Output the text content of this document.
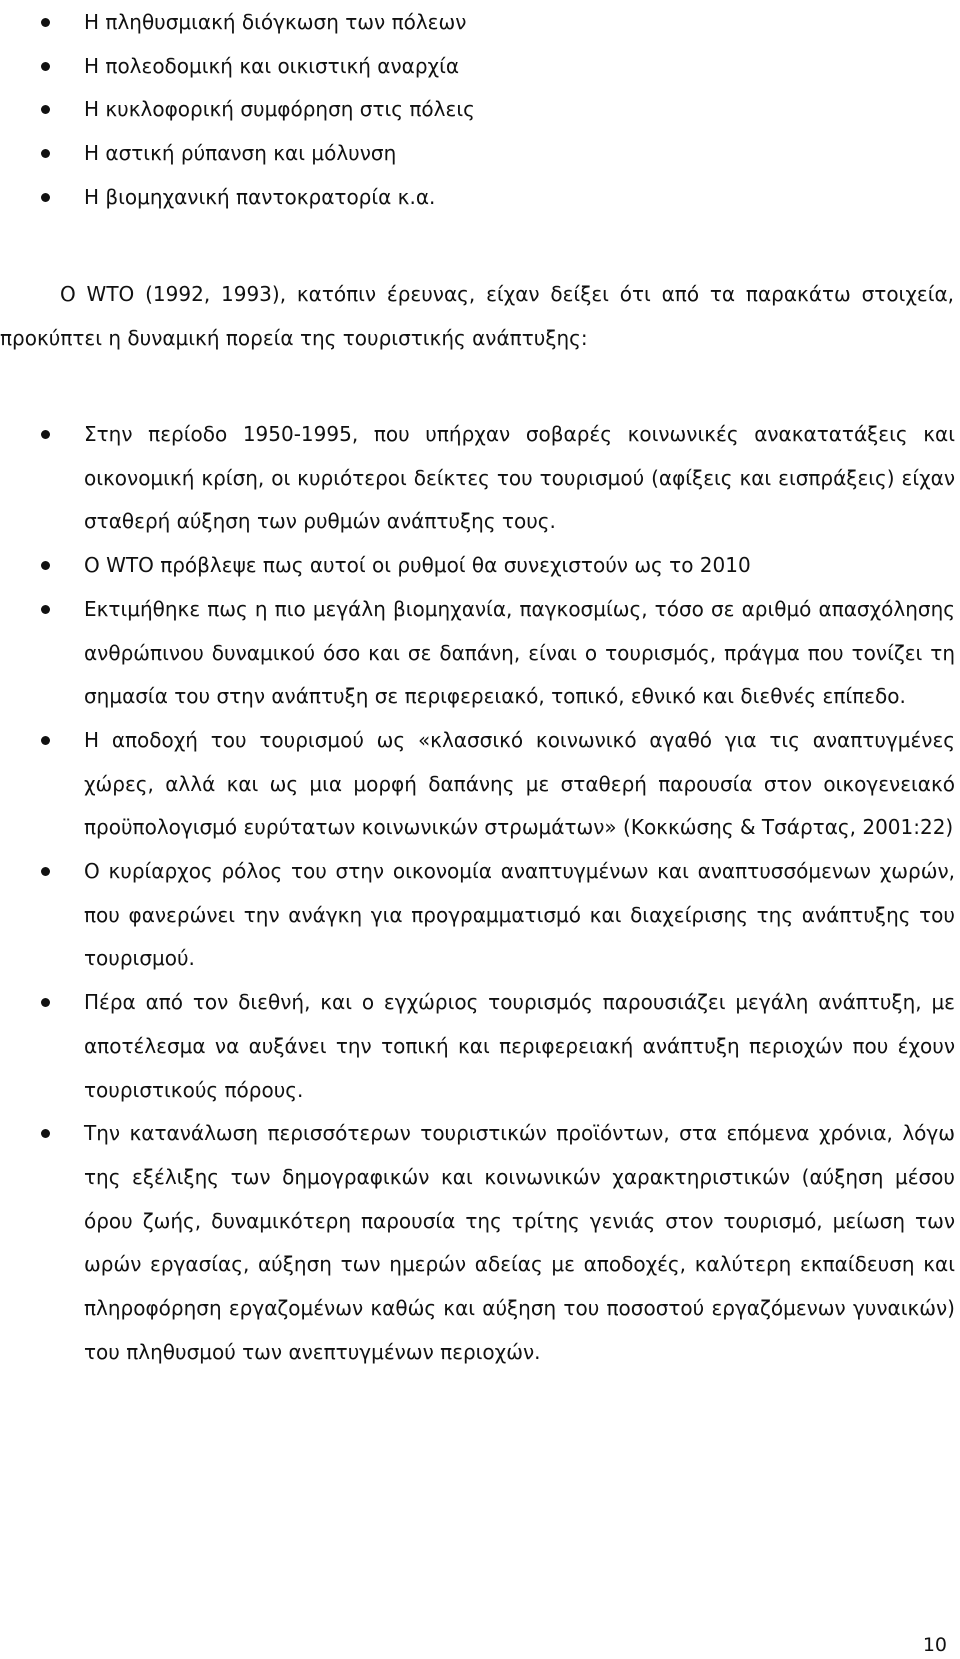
Η πληθυσμιακή διόγκωση των πόλεων
Η πολεοδομική και οικιστική αναρχία
Η κυκλοφορική συμφόρηση στις πόλεις
Η αστική ρύπανση και μόλυνση
Η βιομηχανική παντοκρατορία κ.α.

Ο WTO (1992, 1993), κατόπιν έρευνας, είχαν δείξει ότι από τα παρακάτω στοιχεία, προκύπτει η δυναμική πορεία της τουριστικής ανάπτυξης:

Στην περίοδο 1950-1995, που υπήρχαν σοβαρές κοινωνικές ανακατατάξεις και οικονομική κρίση, οι κυριότεροι δείκτες του τουρισμού (αφίξεις και εισπράξεις) είχαν σταθερή αύξηση των ρυθμών ανάπτυξης τους.
Ο WTO πρόβλεψε πως αυτοί οι ρυθμοί θα συνεχιστούν ως το 2010
Εκτιμήθηκε πως η πιο μεγάλη βιομηχανία, παγκοσμίως, τόσο σε αριθμό απασχόλησης ανθρώπινου δυναμικού όσο και σε δαπάνη, είναι ο τουρισμός, πράγμα που τονίζει τη σημασία του στην ανάπτυξη σε περιφερειακό, τοπικό, εθνικό και διεθνές επίπεδο.
Η αποδοχή του τουρισμού ως «κλασσικό κοινωνικό αγαθό για τις αναπτυγμένες χώρες, αλλά και ως μια μορφή δαπάνης με σταθερή παρουσία στον οικογενειακό προϋπολογισμό ευρύτατων κοινωνικών στρωμάτων» (Κοκκώσης & Τσάρτας, 2001:22)
Ο κυρίαρχος ρόλος του στην οικονομία αναπτυγμένων και αναπτυσσόμενων χωρών, που φανερώνει την ανάγκη για προγραμματισμό και διαχείρισης της ανάπτυξης του τουρισμού.
Πέρα από τον διεθνή, και ο εγχώριος τουρισμός παρουσιάζει μεγάλη ανάπτυξη, με αποτέλεσμα να αυξάνει την τοπική και περιφερειακή ανάπτυξη περιοχών που έχουν τουριστικούς πόρους.
Την κατανάλωση περισσότερων τουριστικών προϊόντων, στα επόμενα χρόνια, λόγω της εξέλιξης των δημογραφικών και κοινωνικών χαρακτηριστικών (αύξηση μέσου όρου ζωής, δυναμικότερη παρουσία της τρίτης γενιάς στον τουρισμό, μείωση των ωρών εργασίας, αύξηση των ημερών αδείας με αποδοχές, καλύτερη εκπαίδευση και πληροφόρηση εργαζομένων καθώς και αύξηση του ποσοστού εργαζόμενων γυναικών) του πληθυσμού των ανεπτυγμένων περιοχών.
10
